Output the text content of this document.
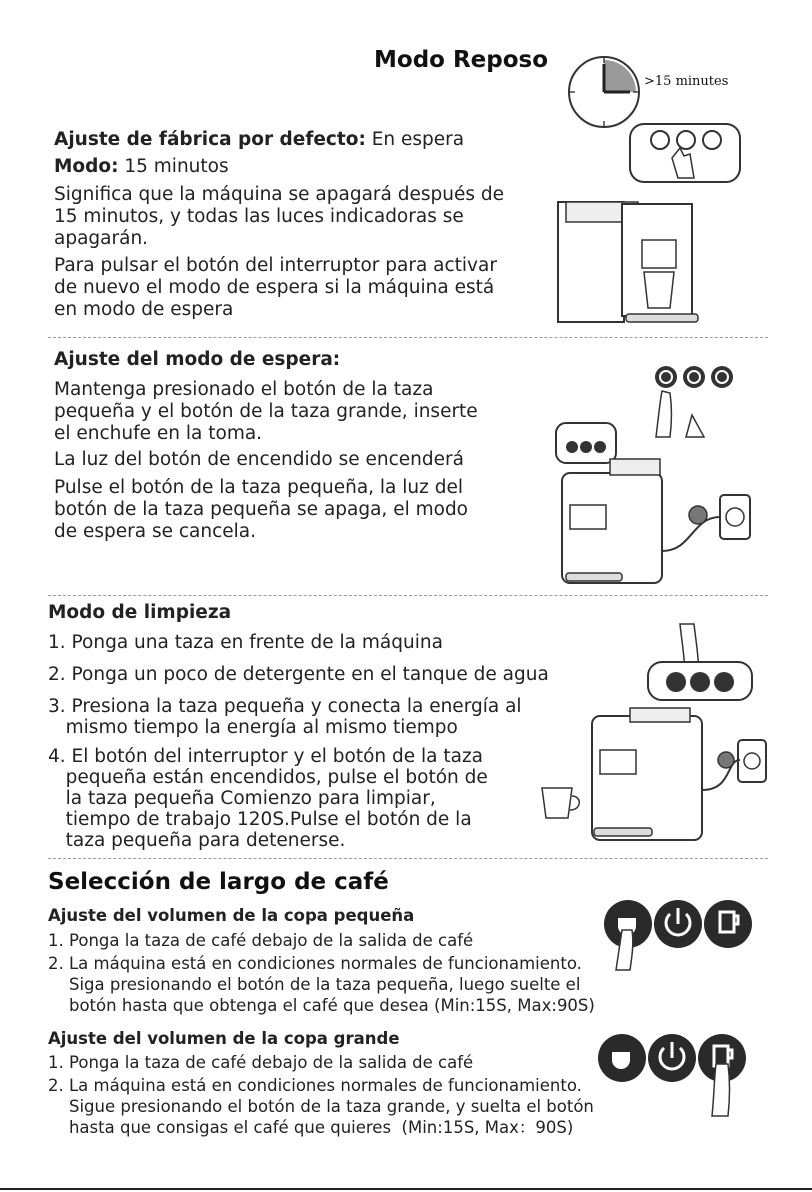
Modo Reposo
>15 minutes
Ajuste de fábrica por defecto: En espera
Modo: 15 minutos
Significa que la máquina se apagará después de
15 minutos, y todas las luces indicadoras se
apagarán.
Para pulsar el botón del interruptor para activar
de nuevo el modo de espera si la máquina está
en modo de espera
Ajuste del modo de espera:
Mantenga presionado el botón de la taza
pequeña y el botón de la taza grande, inserte
el enchufe en la toma.
La luz del botón de encendido se encenderá
Pulse el botón de la taza pequeña, la luz del
botón de la taza pequeña se apaga, el modo
de espera se cancela.
Modo de limpieza
1. Ponga una taza en frente de la máquina
2. Ponga un poco de detergente en el tanque de agua
3. Presiona la taza pequeña y conecta la energía al
mismo tiempo la energía al mismo tiempo
4. El botón del interruptor y el botón de la taza
pequeña están encendidos, pulse el botón de
la taza pequeña Comienzo para limpiar,
tiempo de trabajo 120S.Pulse el botón de la
taza pequeña para detenerse.
Selección de largo de café
Ajuste del volumen de la copa pequeña
1. Ponga la taza de café debajo de la salida de café
2. La máquina está en condiciones normales de funcionamiento.
Siga presionando el botón de la taza pequeña, luego suelte el
botón hasta que obtenga el café que desea (Min:15S, Max:90S)
Ajuste del volumen de la copa grande
1. Ponga la taza de café debajo de la salida de café
2. La máquina está en condiciones normales de funcionamiento.
Sigue presionando el botón de la taza grande, y suelta el botón
hasta que consigas el café que quieres  (Min:15S, Max：90S)
